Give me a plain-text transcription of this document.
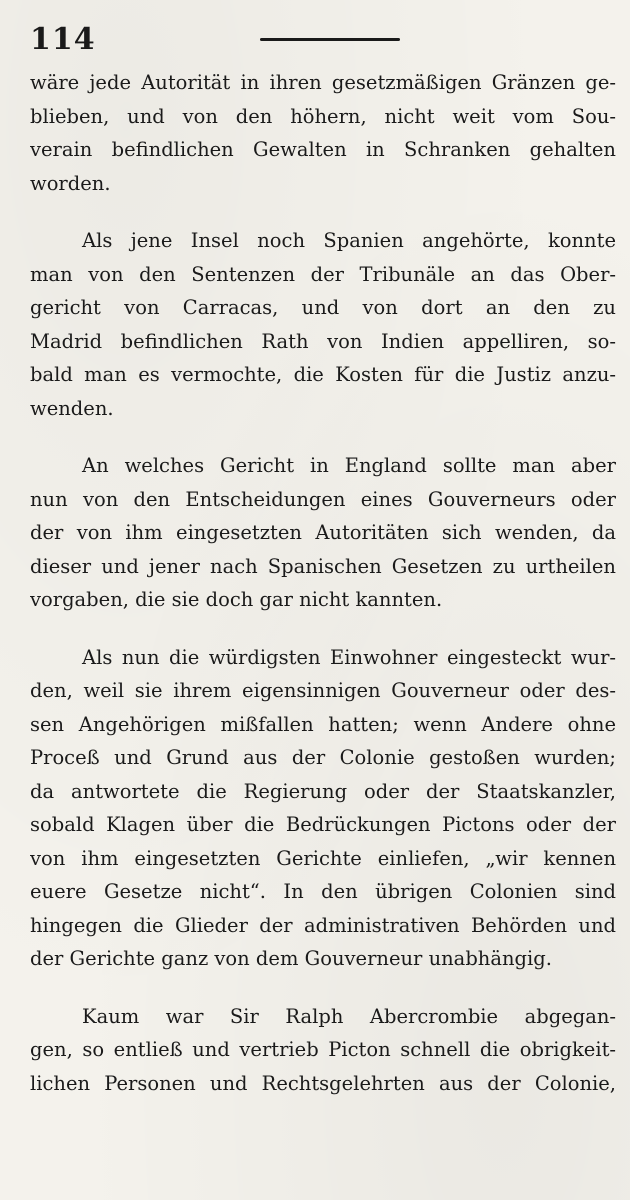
114
wäre jede Autorität in ihren gesetzmäßigen Gränzen ge-
blieben, und von den höhern, nicht weit vom Sou-
verain befindlichen Gewalten in Schranken gehalten
worden.
Als jene Insel noch Spanien angehörte, konnte
man von den Sentenzen der Tribunäle an das Ober-
gericht von Carracas, und von dort an den zu
Madrid befindlichen Rath von Indien appelliren, so-
bald man es vermochte, die Kosten für die Justiz anzu-
wenden.
An welches Gericht in England sollte man aber
nun von den Entscheidungen eines Gouverneurs oder
der von ihm eingesetzten Autoritäten sich wenden, da
dieser und jener nach Spanischen Gesetzen zu urtheilen
vorgaben, die sie doch gar nicht kannten.
Als nun die würdigsten Einwohner eingesteckt wur-
den, weil sie ihrem eigensinnigen Gouverneur oder des-
sen Angehörigen mißfallen hatten; wenn Andere ohne
Proceß und Grund aus der Colonie gestoßen wurden;
da antwortete die Regierung oder der Staatskanzler,
sobald Klagen über die Bedrückungen Pictons oder der
von ihm eingesetzten Gerichte einliefen, „wir kennen
euere Gesetze nicht“. In den übrigen Colonien sind
hingegen die Glieder der administrativen Behörden und
der Gerichte ganz von dem Gouverneur unabhängig.
Kaum war Sir Ralph Abercrombie abgegan-
gen, so entließ und vertrieb Picton schnell die obrigkeit-
lichen Personen und Rechtsgelehrten aus der Colonie,
